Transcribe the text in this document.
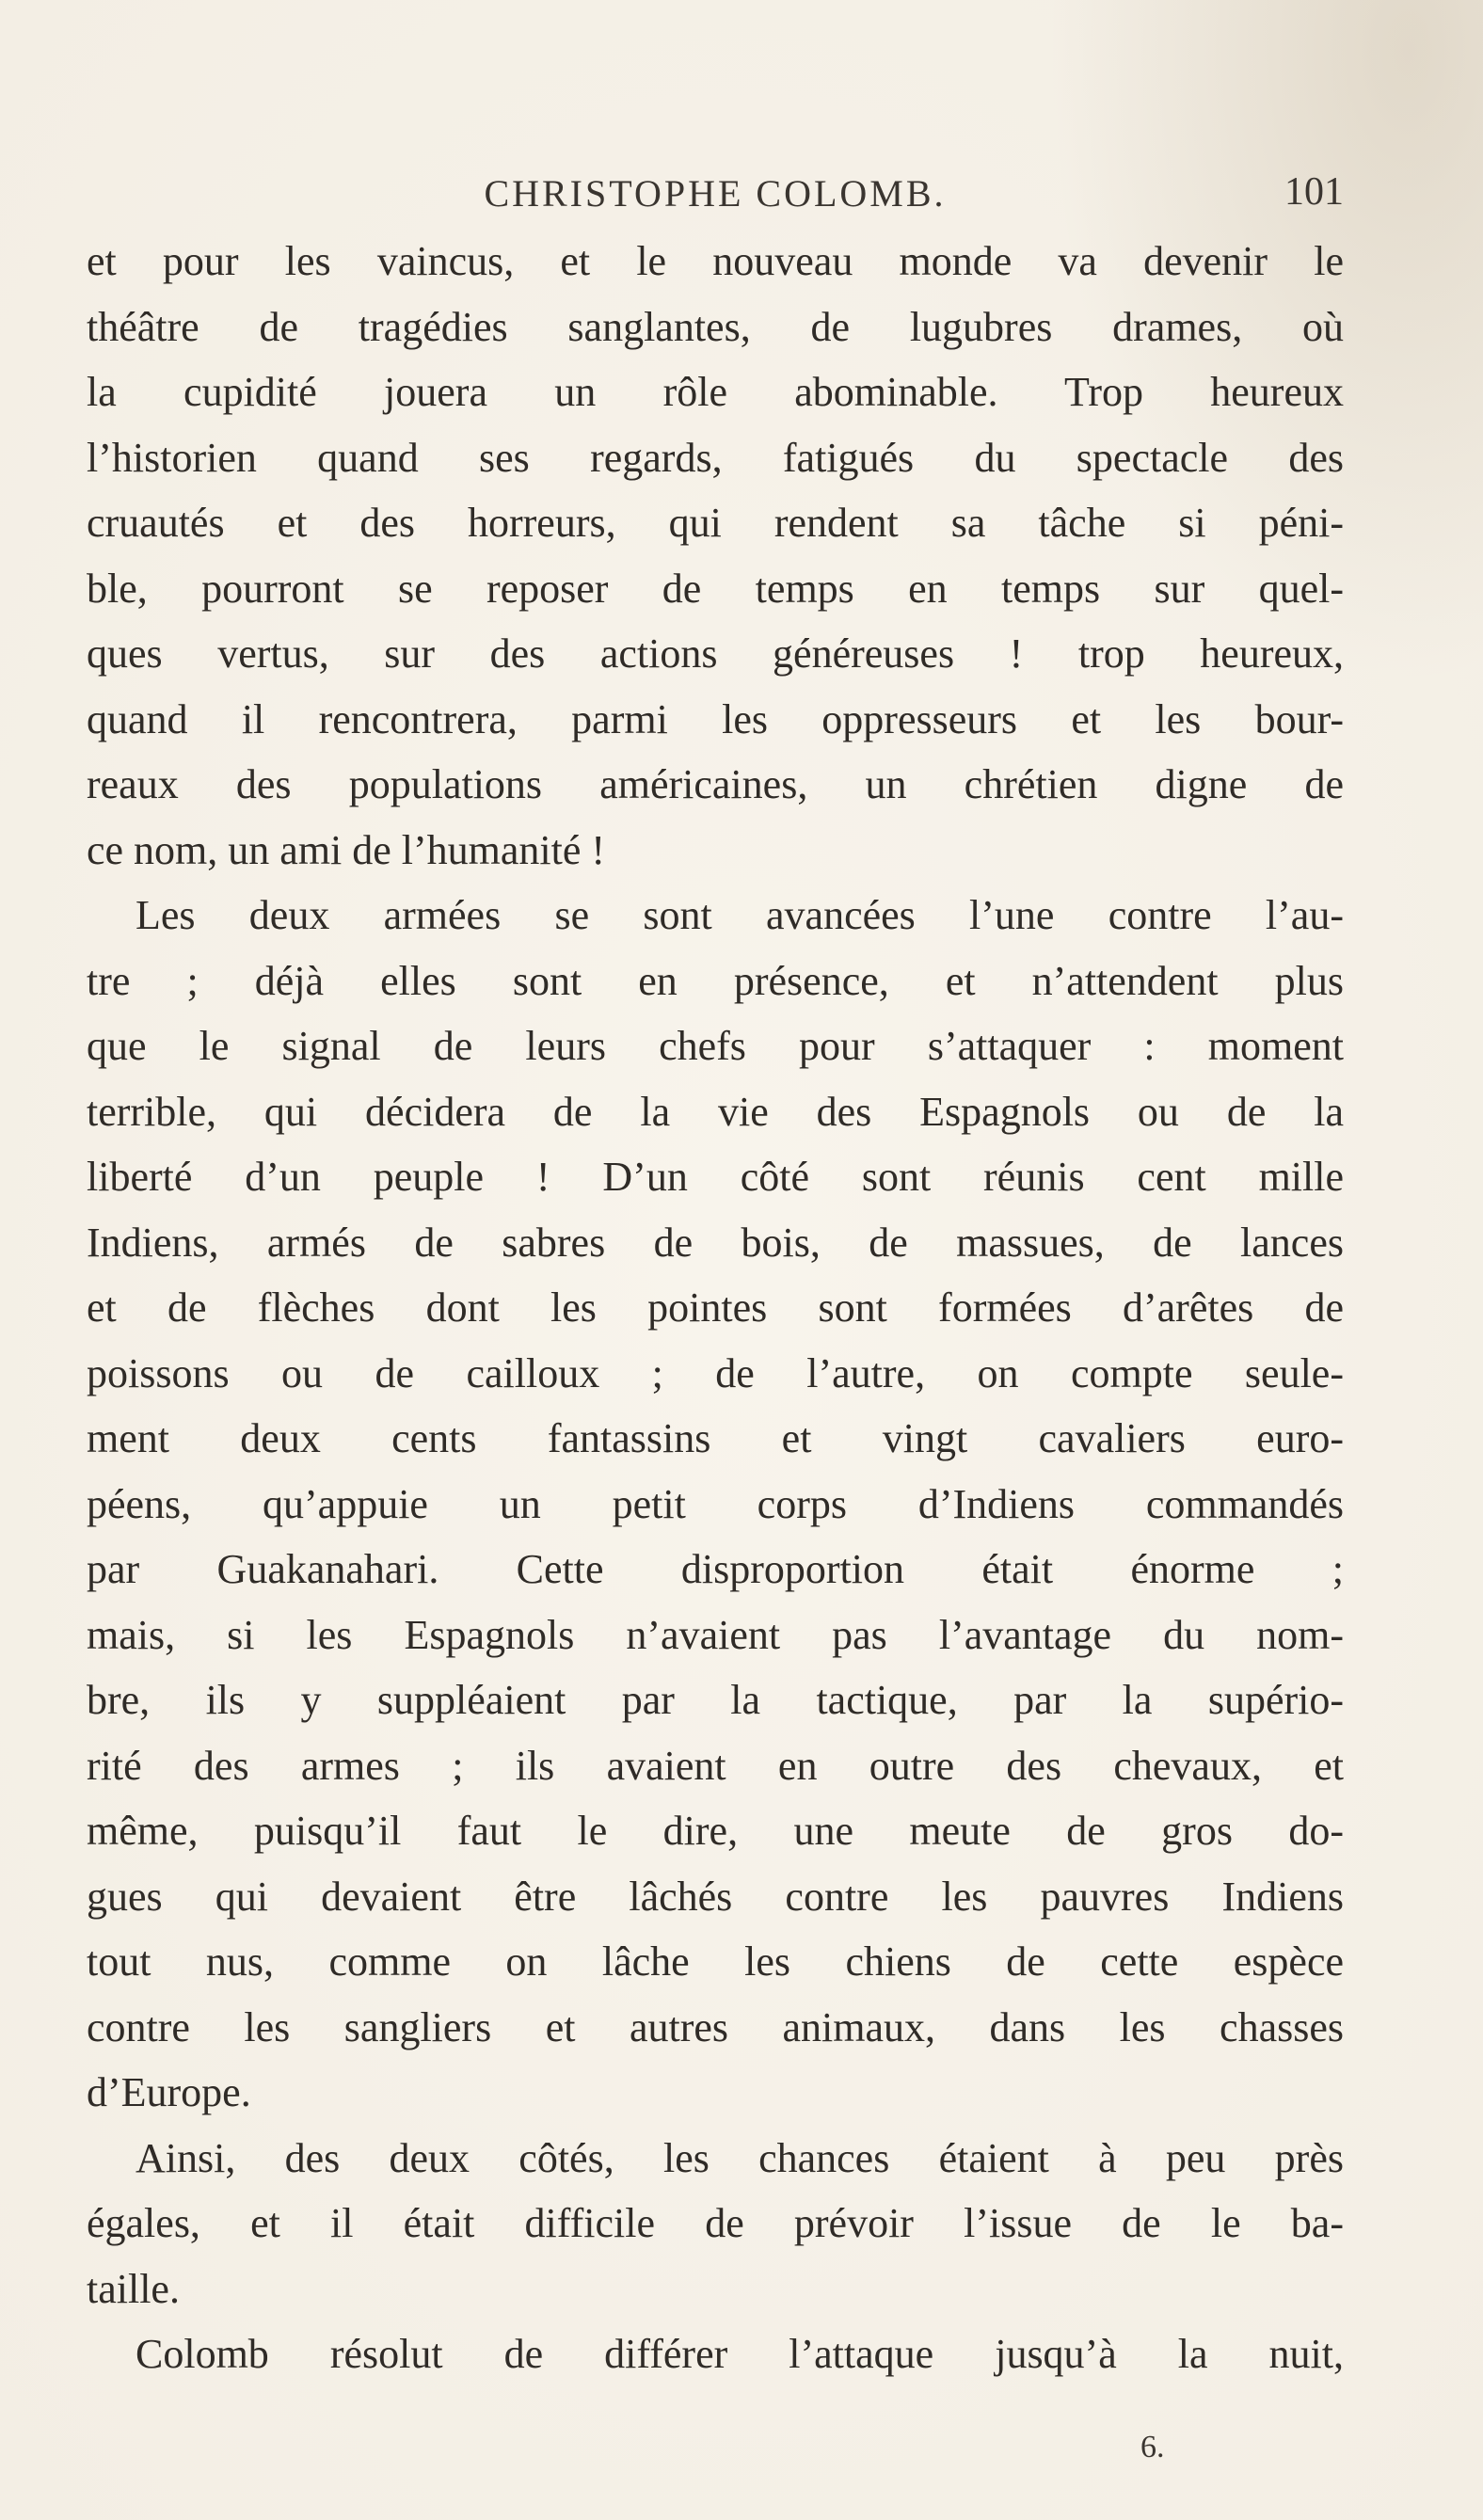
CHRISTOPHE COLOMB.	101
et pour les vaincus, et le nouveau monde va devenir le
théâtre de tragédies sanglantes, de lugubres drames, où
la cupidité jouera un rôle abominable. Trop heureux
l’historien quand ses regards, fatigués du spectacle des
cruautés et des horreurs, qui rendent sa tâche si péni-
ble, pourront se reposer de temps en temps sur quel-
ques vertus, sur des actions généreuses ! trop heureux,
quand il rencontrera, parmi les oppresseurs et les bour-
reaux des populations américaines, un chrétien digne de
ce nom, un ami de l’humanité !
Les deux armées se sont avancées l’une contre l’au-
tre ; déjà elles sont en présence, et n’attendent plus
que le signal de leurs chefs pour s’attaquer : moment
terrible, qui décidera de la vie des Espagnols ou de la
liberté d’un peuple ! D’un côté sont réunis cent mille
Indiens, armés de sabres de bois, de massues, de lances
et de flèches dont les pointes sont formées d’arêtes de
poissons ou de cailloux ; de l’autre, on compte seule-
ment deux cents fantassins et vingt cavaliers euro-
péens, qu’appuie un petit corps d’Indiens commandés
par Guakanahari. Cette disproportion était énorme ;
mais, si les Espagnols n’avaient pas l’avantage du nom-
bre, ils y suppléaient par la tactique, par la supério-
rité des armes ; ils avaient en outre des chevaux, et
même, puisqu’il faut le dire, une meute de gros do-
gues qui devaient être lâchés contre les pauvres Indiens
tout nus, comme on lâche les chiens de cette espèce
contre les sangliers et autres animaux, dans les chasses
d’Europe.
Ainsi, des deux côtés, les chances étaient à peu près
égales, et il était difficile de prévoir l’issue de le ba-
taille.
Colomb résolut de différer l’attaque jusqu’à la nuit,
6.
